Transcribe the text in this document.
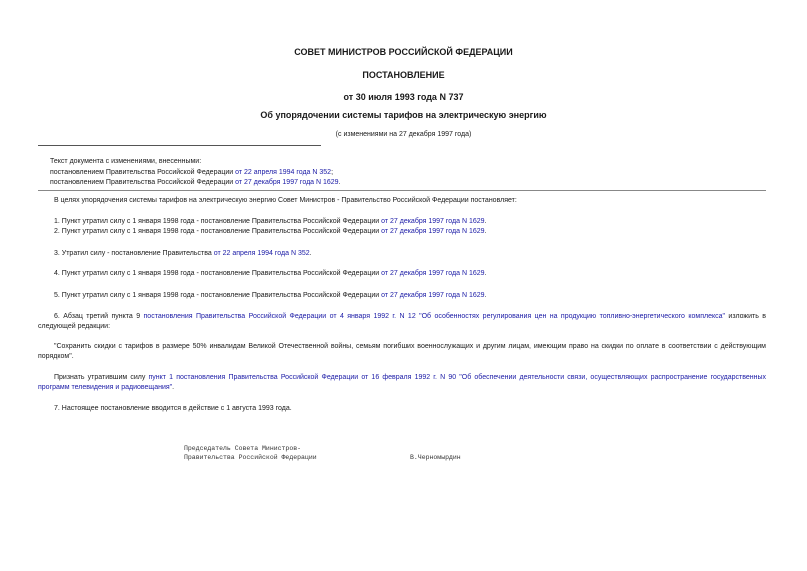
СОВЕТ МИНИСТРОВ РОССИЙСКОЙ ФЕДЕРАЦИИ
ПОСТАНОВЛЕНИЕ
от 30 июля 1993 года N 737
Об упорядочении системы тарифов на электрическую энергию
(с изменениями на 27 декабря 1997 года)
Текст документа с изменениями, внесенными:
постановлением Правительства Российской Федерации от 22 апреля 1994 года N 352;
постановлением Правительства Российской Федерации от 27 декабря 1997 года N 1629.
В целях упорядочения системы тарифов на электрическую энергию Совет Министров - Правительство Российской Федерации постановляет:
1. Пункт утратил силу с 1 января 1998 года - постановление Правительства Российской Федерации от 27 декабря 1997 года N 1629.
2. Пункт утратил силу с 1 января 1998 года - постановление Правительства Российской Федерации от 27 декабря 1997 года N 1629.
3. Утратил силу - постановление Правительства от 22 апреля 1994 года N 352.
4. Пункт утратил силу с 1 января 1998 года - постановление Правительства Российской Федерации от 27 декабря 1997 года N 1629.
5. Пункт утратил силу с 1 января 1998 года - постановление Правительства Российской Федерации от 27 декабря 1997 года N 1629.
6. Абзац третий пункта 9 постановления Правительства Российской Федерации от 4 января 1992 г. N 12 "Об особенностях регулирования цен на продукцию топливно-энергетического комплекса" изложить в следующей редакции:
"Сохранить скидки с тарифов в размере 50% инвалидам Великой Отечественной войны, семьям погибших военнослужащих и другим лицам, имеющим право на скидки по оплате в соответствии с действующим порядком".
Признать утратившим силу пункт 1 постановления Правительства Российской Федерации от 16 февраля 1992 г. N 90 "Об обеспечении деятельности связи, осуществляющих распространение государственных программ телевидения и радиовещания".
7. Настоящее постановление вводится в действие с 1 августа 1993 года.
Председатель Совета Министров-
Правительства Российской Федерации	В.Черномырдин
